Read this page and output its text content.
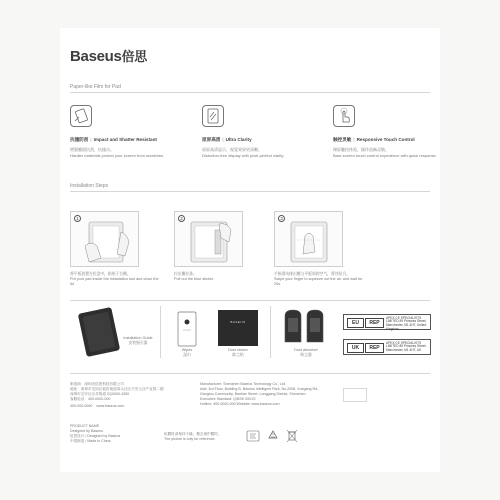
Baseus倍思
Paper-like Film for Pad
抗撞防刮 | Impact and Shatter Resistant
增强膜面抗刮，抗撞击。
Hardier materials protect your screen from scratches.
原屏高清 | Ultra Clarity
原屏高清显示，视觉效果更清晰。
Distortion-free display with pixel-perfect clarity.
触控灵敏 | Responsive Touch Control
裸屏触控体验，操作流畅灵敏。
Bare-screen touch control experience with quick response.
Installation Steps
1	2	3
将平板放置在托盘中，粘贴于右侧。
Put your pad inside the installation tool and close the lid.
拉出撕拉条。
Pull out the blue sticker.
手指滑动排出膜与平板间的空气，将其贴合。
Swipe your finger to squeeze out the air, and wait for 20s.
Installation Guide
安装指引器
Wipes
湿巾
BASEUS
Dust sticker
除尘贴
Dust absorber
吸尘器
EU	REP
APEX CE SPECIALISTS LIMITED 89 Princess Street, Manchester, M1 4HT, United Kingdom
UK	REP
APEX CE SPECIALISTS LIMITED 89 Princess Street, Manchester, M1 4HT, UK
制造商：深圳市倍思科技有限公司
地址：深圳市龙岗区坂田街道岗头社区天安云谷产业园二期
深圳市宝安区沙井街道 ZQ0000-4350
客服电话：400-0000-000
400-000-0000 www.baseus.com
Manufacturer: Shenzhen Baseus Technology Co., Ltd.
Add: 3rd Floor, Building B, Baseus Intelligent Park, No.2008, Xuegang Rd.,
Gangtou Community, Bantian Street, Longgang District, Shenzhen
Executive Standard: Q/BSK 0001S
Hotline: 400-0000-000 Website: www.baseus.com
PRODUCT NAME
Designed by Baseus
倍思设计 / Designed by Baseus
中国制造 / Made in China
贴膜时请保持干燥，撕去保护膜时。
The picture is only for reference.
